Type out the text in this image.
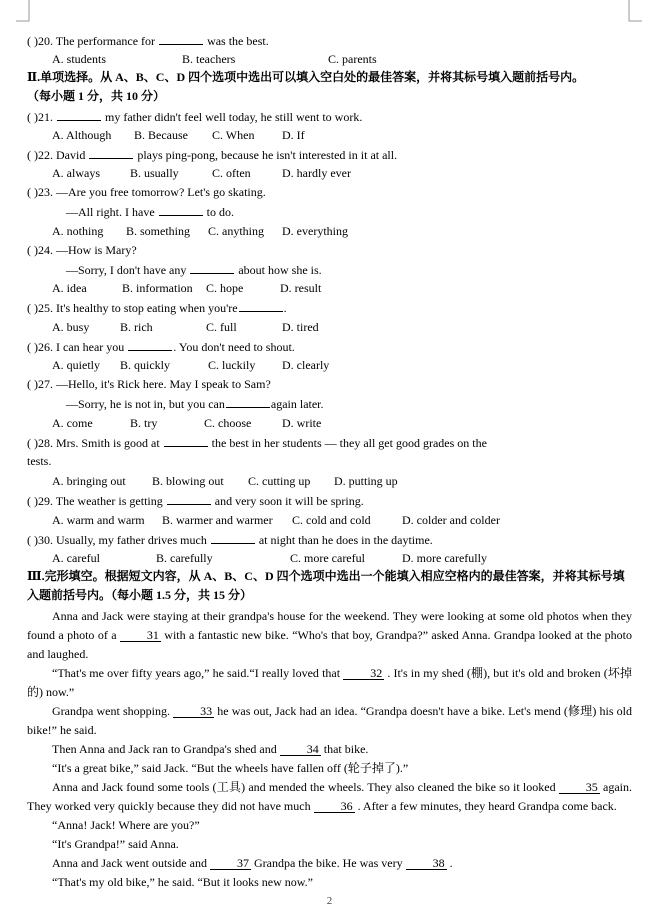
( )20. The performance for	was the best.
A. students	B. teachers	C. parents
Ⅱ.单项选择。从 A、B、C、D 四个选项中选出可以填入空白处的最佳答案，并将其标号填入题前括号内。
（每小题 1 分，共 10 分）
( )21.	my father didn't feel well today, he still went to work.
A. Although B. Because C. When D. If
( )22. David	plays ping-pong, because he isn't interested in it at all.
A. always	B. usually	C. often	D. hardly ever
( )23. —Are you free tomorrow? Let's go skating.
—All right. I have	to do.
A. nothing B. something C. anything D. everything
( )24. —How is Mary?
—Sorry, I don't have any	about how she is.
A. idea	B. information C. hope	D. result
( )25. It's healthy to stop eating when you're	.
A. busy	B. rich	C. full	D. tired
( )26. I can hear you	. You don't need to shout.
A. quietly B. quickly	C. luckily D. clearly
( )27. —Hello, it's Rick here. May I speak to Sam?
—Sorry, he is not in, but you can	again later.
A. come	B. try	C. choose	D. write
( )28. Mrs. Smith is good at	the best in her students — they all get good grades on the
tests.
A. bringing out B. blowing out C. cutting up D. putting up
( )29. The weather is getting	and very soon it will be spring.
A. warm and warm B. warmer and warmer C. cold and cold	D. colder and colder
( )30. Usually, my father drives much	at night than he does in the daytime.
A. careful	B. carefully	C. more careful	D. more carefully
Ⅲ.完形填空。根据短文内容，从 A、B、C、D 四个选项中选出一个能填入相应空格内的最佳答案，并将其标号填入题前括号内。（每小题 1.5 分，共 15 分）
Anna and Jack were staying at their grandpa's house for the weekend. They were looking at some old photos when they found a photo of a 31 with a fantastic new bike. “Who's that boy, Grandpa?” asked Anna. Grandpa looked at the photo and laughed.
“That's me over fifty years ago,” he said.“I really loved that 32 . It's in my shed (棚), but it's old and broken (坏掉的) now.”
Grandpa went shopping. 33 he was out, Jack had an idea. “Grandpa doesn't have a bike. Let's mend (修理) his old bike!” he said.
Then Anna and Jack ran to Grandpa's shed and 34 that bike.
“It's a great bike,” said Jack. “But the wheels have fallen off (轮子掉了).”
Anna and Jack found some tools (工具) and mended the wheels. They also cleaned the bike so it looked 35 again. They worked very quickly because they did not have much 36 . After a few minutes, they heard Grandpa come back.
“Anna! Jack! Where are you?”
“It's Grandpa!” said Anna.
Anna and Jack went outside and 37 Grandpa the bike. He was very 38 .
“That's my old bike,” he said. “But it looks new now.”
2
